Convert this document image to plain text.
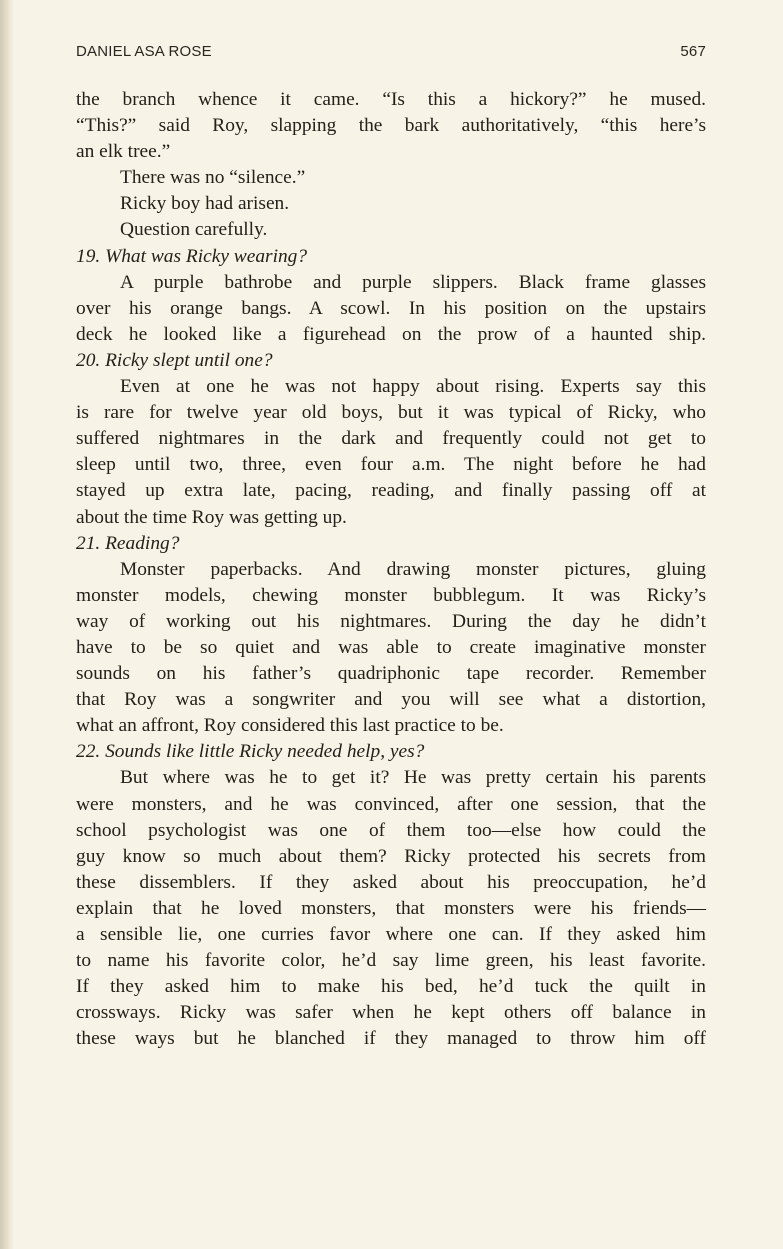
DANIEL ASA ROSE	567
the branch whence it came. “Is this a hickory?” he mused.
“This?” said Roy, slapping the bark authoritatively, “this here’s
an elk tree.”
There was no “silence.”
Ricky boy had arisen.
Question carefully.
19. What was Ricky wearing?
A purple bathrobe and purple slippers. Black frame glasses
over his orange bangs. A scowl. In his position on the upstairs
deck he looked like a figurehead on the prow of a haunted ship.
20. Ricky slept until one?
Even at one he was not happy about rising. Experts say this
is rare for twelve year old boys, but it was typical of Ricky, who
suffered nightmares in the dark and frequently could not get to
sleep until two, three, even four a.m. The night before he had
stayed up extra late, pacing, reading, and finally passing off at
about the time Roy was getting up.
21. Reading?
Monster paperbacks. And drawing monster pictures, gluing
monster models, chewing monster bubblegum. It was Ricky’s
way of working out his nightmares. During the day he didn’t
have to be so quiet and was able to create imaginative monster
sounds on his father’s quadriphonic tape recorder. Remember
that Roy was a songwriter and you will see what a distortion,
what an affront, Roy considered this last practice to be.
22. Sounds like little Ricky needed help, yes?
But where was he to get it? He was pretty certain his parents
were monsters, and he was convinced, after one session, that the
school psychologist was one of them too—else how could the
guy know so much about them? Ricky protected his secrets from
these dissemblers. If they asked about his preoccupation, he’d
explain that he loved monsters, that monsters were his friends—
a sensible lie, one curries favor where one can. If they asked him
to name his favorite color, he’d say lime green, his least favorite.
If they asked him to make his bed, he’d tuck the quilt in
crossways. Ricky was safer when he kept others off balance in
these ways but he blanched if they managed to throw him off
